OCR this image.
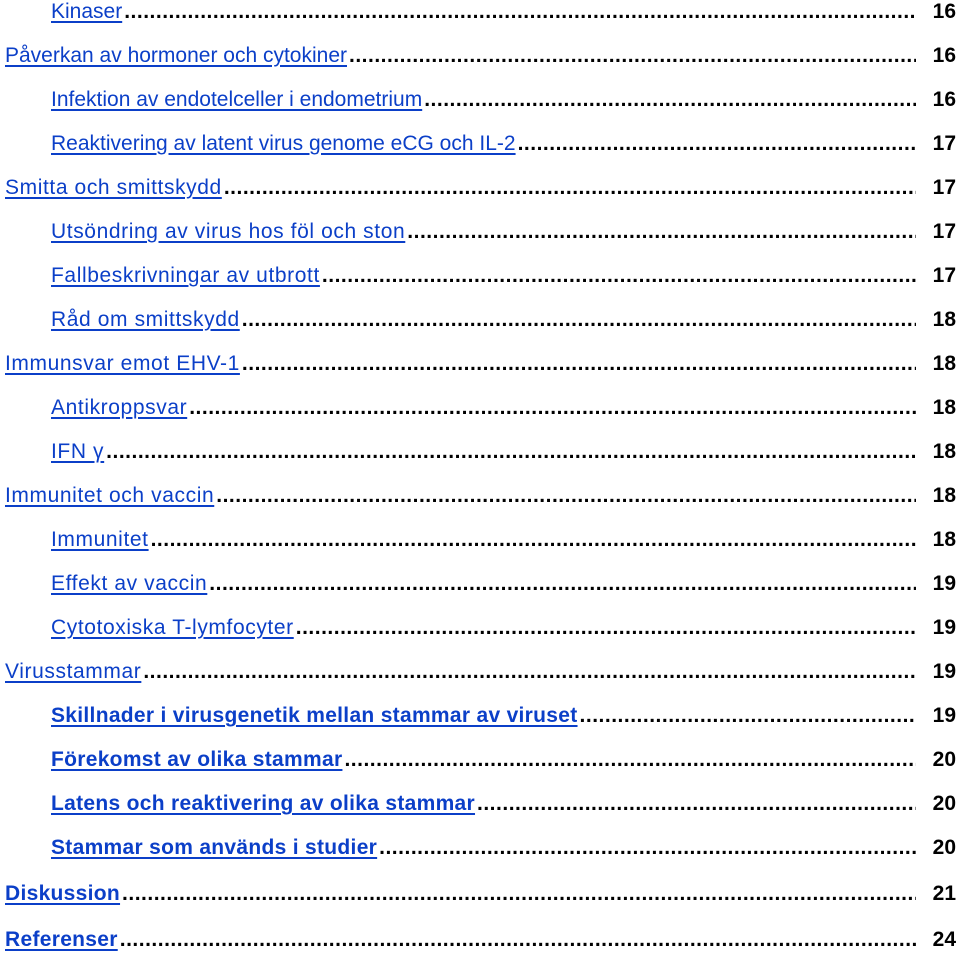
Kinaser .....	16
Påverkan av hormoner och cytokiner .....	16
Infektion av endotelceller i endometrium .....	16
Reaktivering av latent virus genome eCG och IL-2 .....	17
Smitta och smittskydd .....	17
Utsöndring av virus hos föl och ston .....	17
Fallbeskrivningar av utbrott .....	17
Råd om smittskydd .....	18
Immunsvar emot EHV-1 .....	18
Antikroppsvar .....	18
IFN γ .....	18
Immunitet och vaccin .....	18
Immunitet .....	18
Effekt av vaccin .....	19
Cytotoxiska T-lymfocyter .....	19
Virusstammar .....	19
Skillnader i virusgenetik mellan stammar av viruset .....	19
Förekomst av olika stammar .....	20
Latens och reaktivering av olika stammar .....	20
Stammar som används i studier .....	20
Diskussion .....	21
Referenser .....	24
